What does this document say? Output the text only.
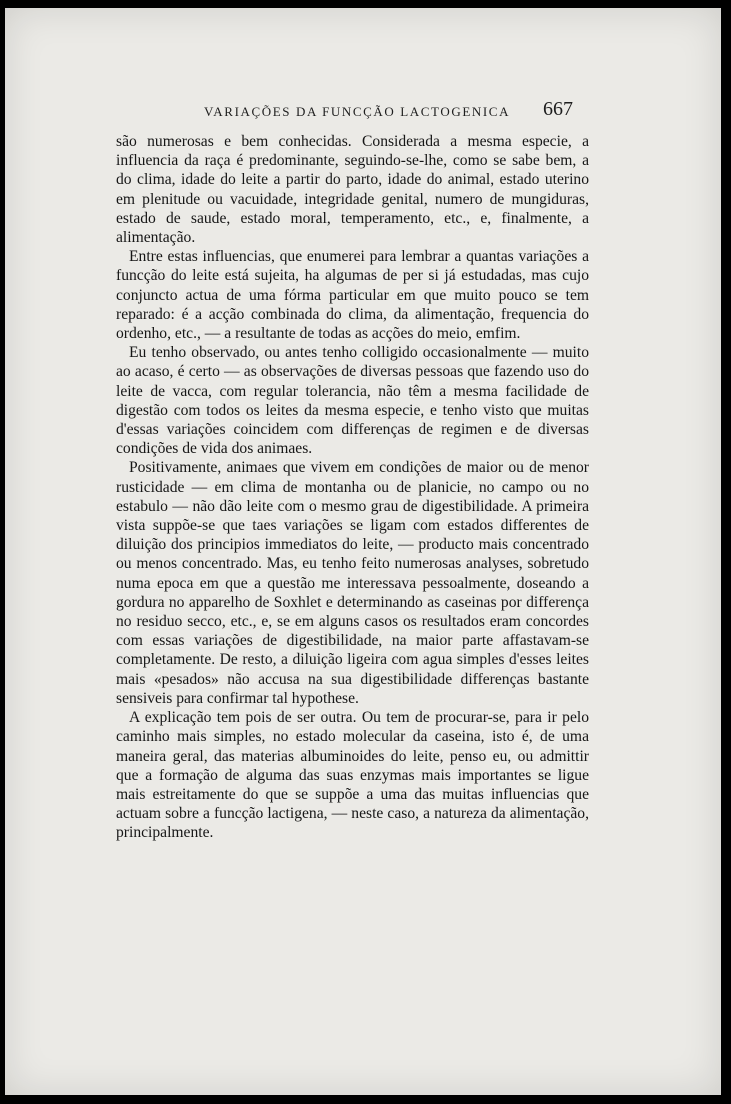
VARIAÇÕES DA FUNCÇÃO LACTOGENICA 667

são numerosas e bem conhecidas. Considerada a mesma especie, a influencia da raça é predominante, seguindo-se-lhe, como se sabe bem, a do clima, idade do leite a partir do parto, idade do animal, estado uterino em plenitude ou vacuidade, integridade genital, numero de mungiduras, estado de saude, estado moral, temperamento, etc., e, finalmente, a alimentação.

Entre estas influencias, que enumerei para lembrar a quantas variações a funcção do leite está sujeita, ha algumas de per si já estudadas, mas cujo conjuncto actua de uma fórma particular em que muito pouco se tem reparado: é a acção combinada do clima, da alimentação, frequencia do ordenho, etc., — a resultante de todas as acções do meio, emfim.

Eu tenho observado, ou antes tenho colligido occasionalmente — muito ao acaso, é certo — as observações de diversas pessoas que fazendo uso do leite de vacca, com regular tolerancia, não têm a mesma facilidade de digestão com todos os leites da mesma especie, e tenho visto que muitas d'essas variações coincidem com differenças de regimen e de diversas condições de vida dos animaes.

Positivamente, animaes que vivem em condições de maior ou de menor rusticidade — em clima de montanha ou de planicie, no campo ou no estabulo — não dão leite com o mesmo grau de digestibilidade. A primeira vista suppõe-se que taes variações se ligam com estados differentes de diluição dos principios immediatos do leite, — producto mais concentrado ou menos concentrado. Mas, eu tenho feito numerosas analyses, sobretudo numa epoca em que a questão me interessava pessoalmente, doseando a gordura no apparelho de Soxhlet e determinando as caseinas por differença no residuo secco, etc., e, se em alguns casos os resultados eram concordes com essas variações de digestibilidade, na maior parte affastavam-se completamente. De resto, a diluição ligeira com agua simples d'esses leites mais «pesados» não accusa na sua digestibilidade differenças bastante sensiveis para confirmar tal hypothese.

A explicação tem pois de ser outra. Ou tem de procurar-se, para ir pelo caminho mais simples, no estado molecular da caseina, isto é, de uma maneira geral, das materias albuminoides do leite, penso eu, ou admittir que a formação de alguma das suas enzymas mais importantes se ligue mais estreitamente do que se suppõe a uma das muitas influencias que actuam sobre a funcção lactigena, — neste caso, a natureza da alimentação, principalmente.
